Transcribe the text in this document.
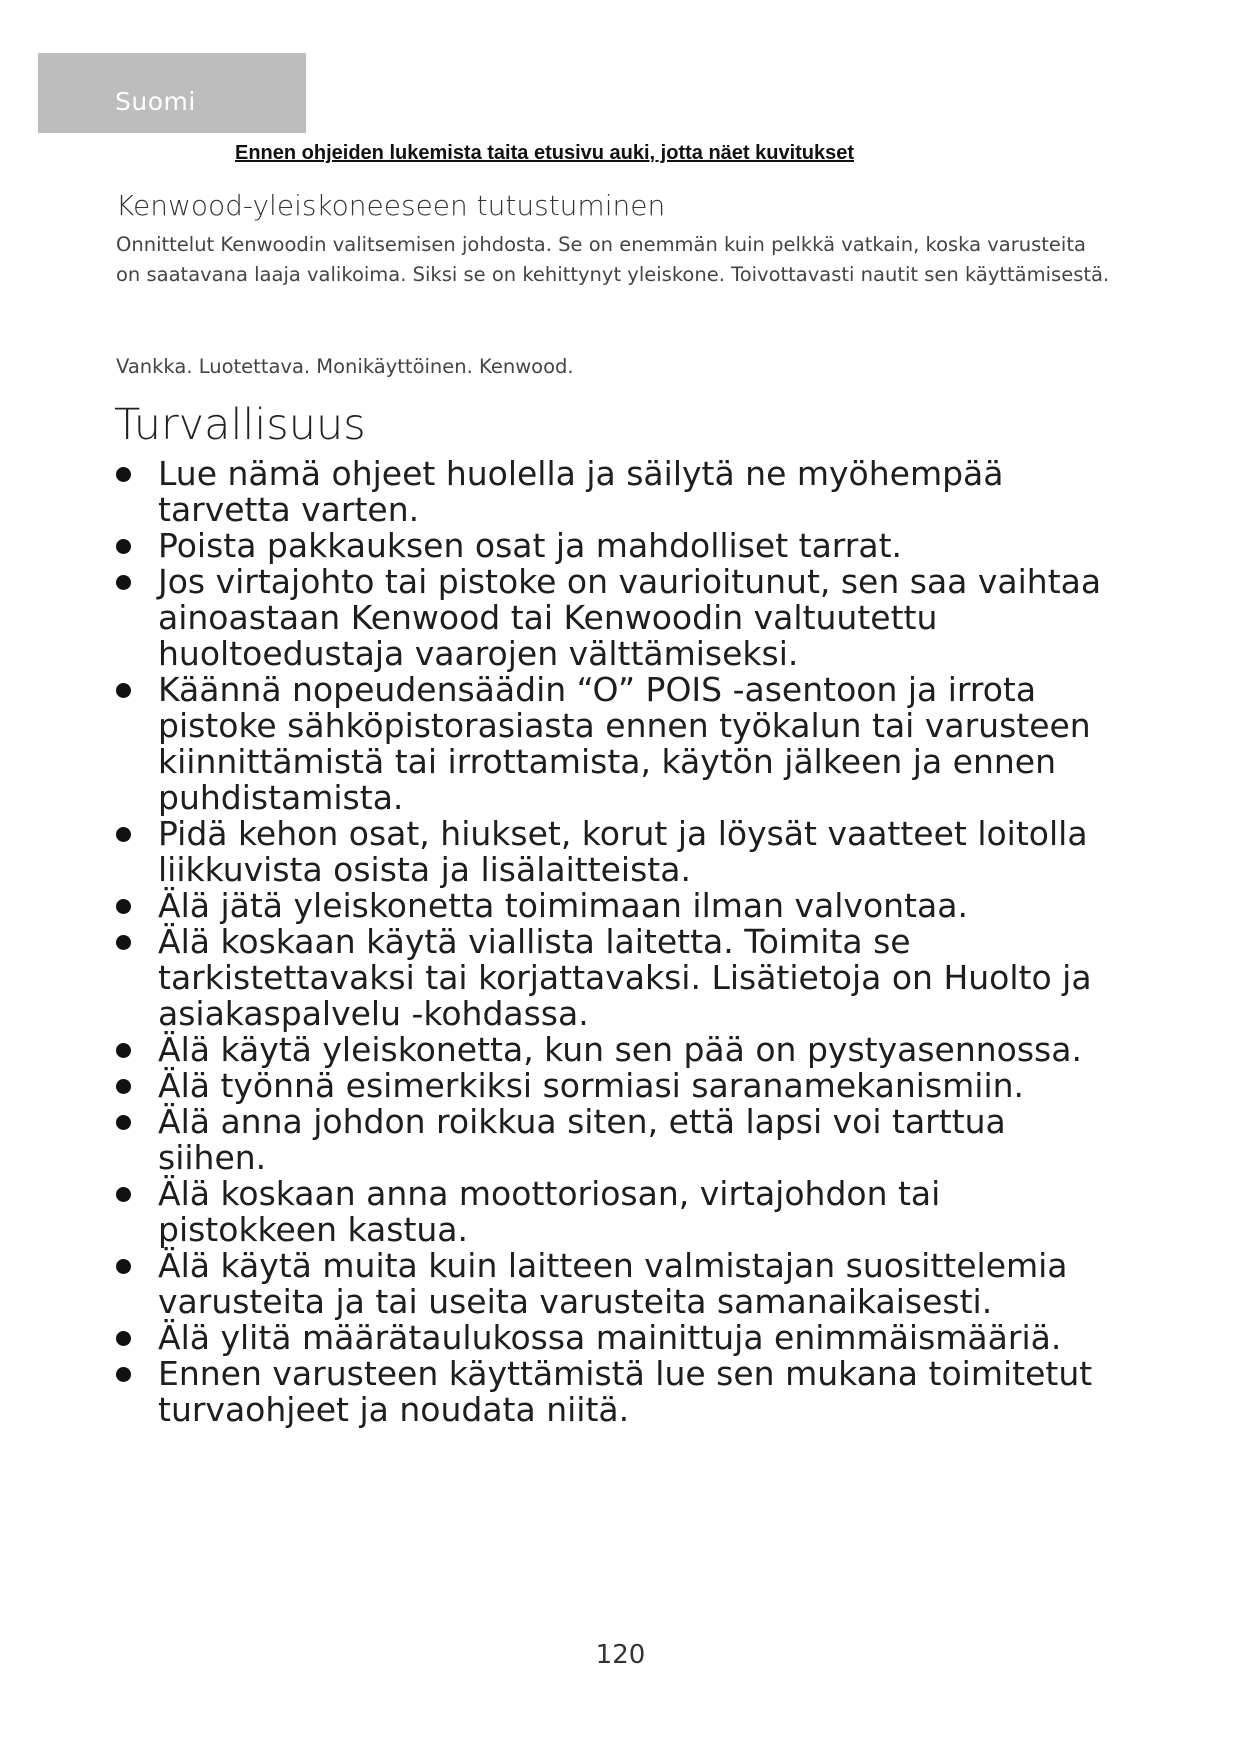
Suomi
Ennen ohjeiden lukemista taita etusivu auki, jotta näet kuvitukset
Kenwood-yleiskoneeseen tutustuminen
Onnittelut Kenwoodin valitsemisen johdosta. Se on enemmän kuin pelkkä vatkain, koska varusteita on saatavana laaja valikoima. Siksi se on kehittynyt yleiskone. Toivottavasti nautit sen käyttämisestä.
Vankka. Luotettava. Monikäyttöinen. Kenwood.
Turvallisuus
Lue nämä ohjeet huolella ja säilytä ne myöhempää tarvetta varten.
Poista pakkauksen osat ja mahdolliset tarrat.
Jos virtajohto tai pistoke on vaurioitunut, sen saa vaihtaa ainoastaan Kenwood tai Kenwoodin valtuutettu huoltoedustaja vaarojen välttämiseksi.
Käännä nopeudensäädin “O” POIS -asentoon ja irrota pistoke sähköpistorasiasta ennen työkalun tai varusteen kiinnittämistä tai irrottamista, käytön jälkeen ja ennen puhdistamista.
Pidä kehon osat, hiukset, korut ja löysät vaatteet loitolla liikkuvista osista ja lisälaitteista.
Älä jätä yleiskonetta toimimaan ilman valvontaa.
Älä koskaan käytä viallista laitetta. Toimita se tarkistettavaksi tai korjattavaksi. Lisätietoja on Huolto ja asiakaspalvelu -kohdassa.
Älä käytä yleiskonetta, kun sen pää on pystyasennossa.
Älä työnnä esimerkiksi sormiasi saranamekanismiin.
Älä anna johdon roikkua siten, että lapsi voi tarttua siihen.
Älä koskaan anna moottoriosan, virtajohdon tai pistokkeen kastua.
Älä käytä muita kuin laitteen valmistajan suosittelemia varusteita ja tai useita varusteita samanaikaisesti.
Älä ylitä määrätaulukossa mainittuja enimmäismääriä.
Ennen varusteen käyttämistä lue sen mukana toimitetut turvaohjeet ja noudata niitä.
120
